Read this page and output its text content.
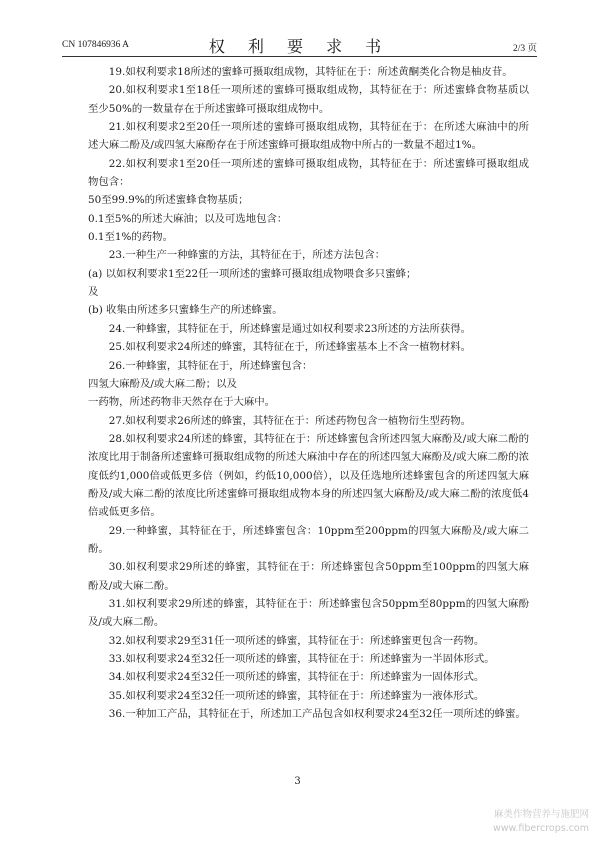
CN 107846936 A	权 利 要 求 书	2/3 页

19.如权利要求18所述的蜜蜂可摄取组成物，其特征在于：所述黄酮类化合物是柚皮苷。

20.如权利要求1至18任一项所述的蜜蜂可摄取组成物，其特征在于：所述蜜蜂食物基质以至少50%的一数量存在于所述蜜蜂可摄取组成物中。

21.如权利要求2至20任一项所述的蜜蜂可摄取组成物，其特征在于：在所述大麻油中的所述大麻二酚及/或四氢大麻酚存在于所述蜜蜂可摄取组成物中所占的一数量不超过1%。

22.如权利要求1至20任一项所述的蜜蜂可摄取组成物，其特征在于：所述蜜蜂可摄取组成物包含：

50至99.9%的所述蜜蜂食物基质；

0.1至5%的所述大麻油；以及可选地包含：

0.1至1%的药物。

23.一种生产一种蜂蜜的方法，其特征在于，所述方法包含：

(a) 以如权利要求1至22任一项所述的蜜蜂可摄取组成物喂食多只蜜蜂；

及

(b) 收集由所述多只蜜蜂生产的所述蜂蜜。

24.一种蜂蜜，其特征在于，所述蜂蜜是通过如权利要求23所述的方法所获得。

25.如权利要求24所述的蜂蜜，其特征在于，所述蜂蜜基本上不含一植物材料。

26.一种蜂蜜，其特征在于，所述蜂蜜包含：

四氢大麻酚及/或大麻二酚；以及

一药物，所述药物非天然存在于大麻中。

27.如权利要求26所述的蜂蜜，其特征在于：所述药物包含一植物衍生型药物。

28.如权利要求24所述的蜂蜜，其特征在于：所述蜂蜜包含所述四氢大麻酚及/或大麻二酚的浓度比用于制备所述蜜蜂可摄取组成物的所述大麻油中存在的所述四氢大麻酚及/或大麻二酚的浓度低约1,000倍或低更多倍（例如，约低10,000倍），以及任选地所述蜂蜜包含的所述四氢大麻酚及/或大麻二酚的浓度比所述蜜蜂可摄取组成物本身的所述四氢大麻酚及/或大麻二酚的浓度低4倍或低更多倍。

29.一种蜂蜜，其特征在于，所述蜂蜜包含：10ppm至200ppm的四氢大麻酚及/或大麻二酚。

30.如权利要求29所述的蜂蜜，其特征在于：所述蜂蜜包含50ppm至100ppm的四氢大麻酚及/或大麻二酚。

31.如权利要求29所述的蜂蜜，其特征在于：所述蜂蜜包含50ppm至80ppm的四氢大麻酚及/或大麻二酚。

32.如权利要求29至31任一项所述的蜂蜜，其特征在于：所述蜂蜜更包含一药物。

33.如权利要求24至32任一项所述的蜂蜜，其特征在于：所述蜂蜜为一半固体形式。

34.如权利要求24至32任一项所述的蜂蜜，其特征在于：所述蜂蜜为一固体形式。

35.如权利要求24至32任一项所述的蜂蜜，其特征在于：所述蜂蜜为一液体形式。

36.一种加工产品，其特征在于，所述加工产品包含如权利要求24至32任一项所述的蜂蜜。

3
麻类作物营养与施肥网
www.fibercrops.com
